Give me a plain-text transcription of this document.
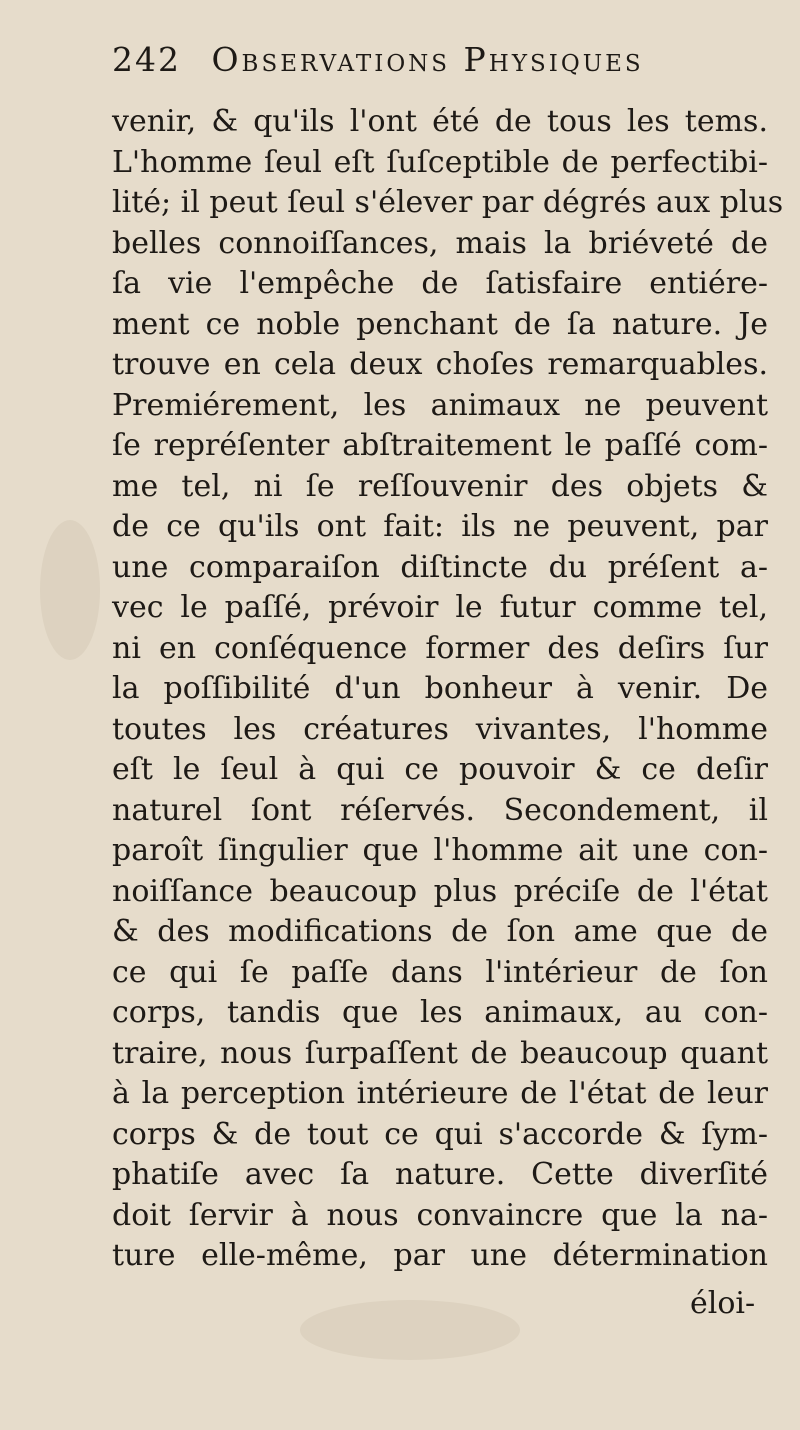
242 Observations Physiques
venir, & qu'ils l'ont été de tous les tems.
L'homme ſeul eſt ſuſceptible de perfectibi-
lité; il peut ſeul s'élever par dégrés aux plus
belles connoiſſances, mais la briéveté de
ſa vie l'empêche de ſatisfaire entiére-
ment ce noble penchant de ſa nature. Je
trouve en cela deux choſes remarquables.
Premiérement, les animaux ne peuvent
ſe repréſenter abſtraitement le paſſé com-
me tel, ni ſe reſſouvenir des objets &
de ce qu'ils ont fait: ils ne peuvent, par
une comparaiſon diſtincte du préſent a-
vec le paſſé, prévoir le futur comme tel,
ni en conſéquence former des deſirs ſur
la poſſibilité d'un bonheur à venir. De
toutes les créatures vivantes, l'homme
eſt le ſeul à qui ce pouvoir & ce deſir
naturel ſont réſervés. Secondement, il
paroît ſingulier que l'homme ait une con-
noiſſance beaucoup plus préciſe de l'état
& des modifications de ſon ame que de
ce qui ſe paſſe dans l'intérieur de ſon
corps, tandis que les animaux, au con-
traire, nous ſurpaſſent de beaucoup quant
à la perception intérieure de l'état de leur
corps & de tout ce qui s'accorde & ſym-
phatiſe avec ſa nature. Cette diverſité
doit ſervir à nous convaincre que la na-
ture elle-même, par une détermination
éloi-
